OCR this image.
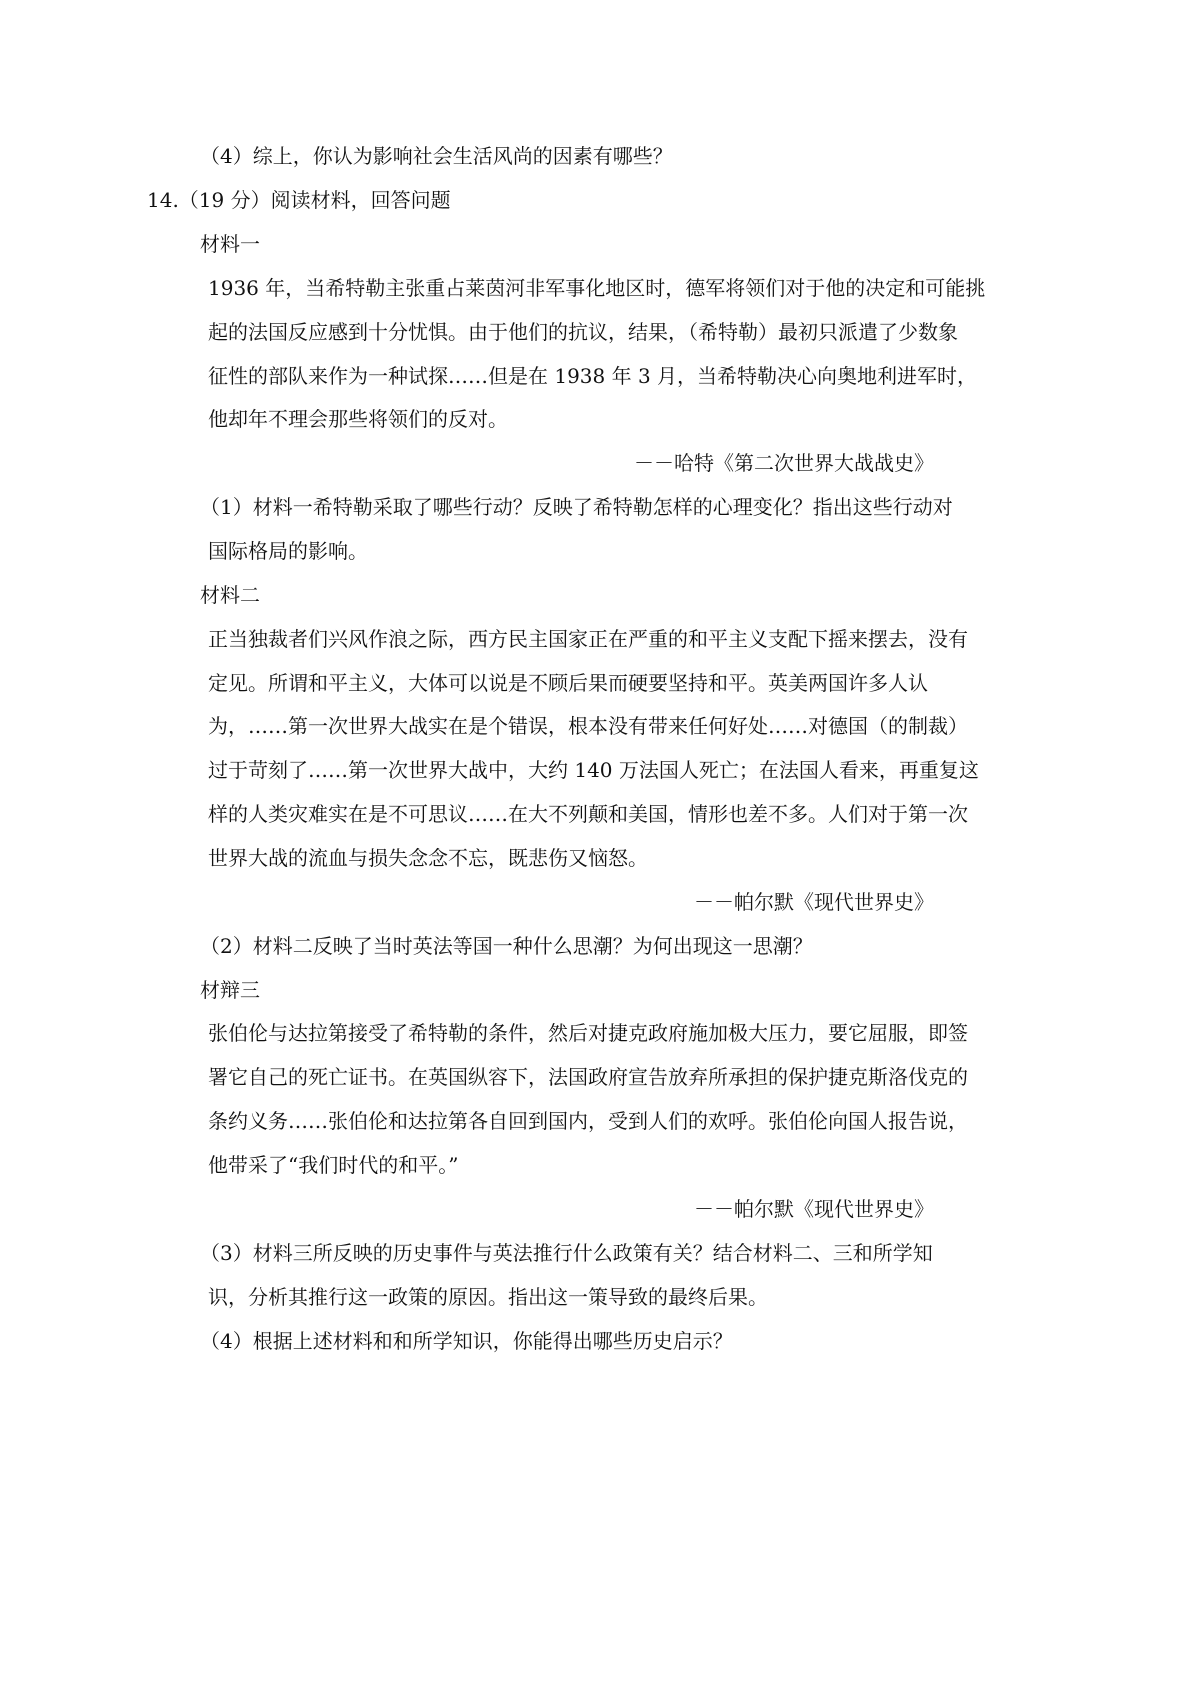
（4）综上，你认为影响社会生活风尚的因素有哪些？

14.（19 分）阅读材料，回答问题

材料一

1936 年，当希特勒主张重占莱茵河非军事化地区时，德军将领们对于他的决定和可能挑

起的法国反应感到十分忧惧。由于他们的抗议，结果，（希特勒）最初只派遣了少数象

征性的部队来作为一种试探……但是在 1938 年 3 月，当希特勒决心向奥地利进军时，

他却年不理会那些将领们的反对。

－－哈特《第二次世界大战战史》

（1）材料一希特勒采取了哪些行动？反映了希特勒怎样的心理变化？指出这些行动对

国际格局的影响。

材料二

正当独裁者们兴风作浪之际，西方民主国家正在严重的和平主义支配下摇来摆去，没有

定见。所谓和平主义，大体可以说是不顾后果而硬要坚持和平。英美两国许多人认

为，……第一次世界大战实在是个错误，根本没有带来任何好处……对德国（的制裁）

过于苛刻了……第一次世界大战中，大约 140 万法国人死亡；在法国人看来，再重复这

样的人类灾难实在是不可思议……在大不列颠和美国，情形也差不多。人们对于第一次

世界大战的流血与损失念念不忘，既悲伤又恼怒。

－－帕尔默《现代世界史》

（2）材料二反映了当时英法等国一种什么思潮？为何出现这一思潮？

材辩三

张伯伦与达拉第接受了希特勒的条件，然后对捷克政府施加极大压力，要它屈服，即签

署它自己的死亡证书。在英国纵容下，法国政府宣告放弃所承担的保护捷克斯洛伐克的

条约义务……张伯伦和达拉第各自回到国内，受到人们的欢呼。张伯伦向国人报告说，

他带采了“我们时代的和平。”

－－帕尔默《现代世界史》

（3）材料三所反映的历史事件与英法推行什么政策有关？结合材料二、三和所学知

识，分析其推行这一政策的原因。指出这一策导致的最终后果。

（4）根据上述材料和和所学知识，你能得出哪些历史启示？
